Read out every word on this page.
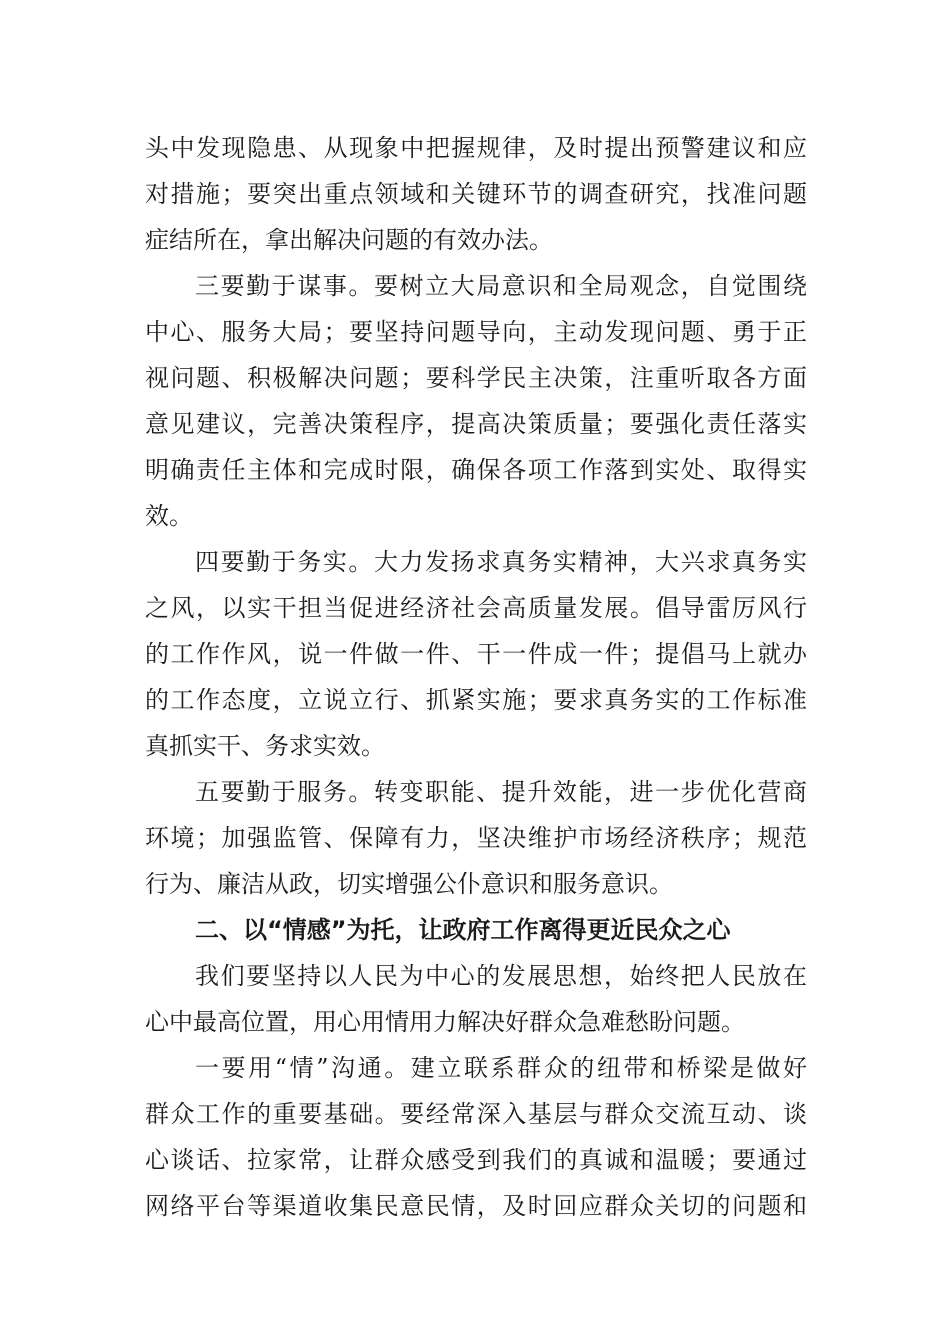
头中发现隐患、从现象中把握规律，及时提出预警建议和应
对措施；要突出重点领域和关键环节的调查研究，找准问题
症结所在，拿出解决问题的有效办法。
三要勤于谋事。要树立大局意识和全局观念，自觉围绕
中心、服务大局；要坚持问题导向，主动发现问题、勇于正
视问题、积极解决问题；要科学民主决策，注重听取各方面
意见建议，完善决策程序，提高决策质量；要强化责任落实
明确责任主体和完成时限，确保各项工作落到实处、取得实
效。
四要勤于务实。大力发扬求真务实精神，大兴求真务实
之风，以实干担当促进经济社会高质量发展。倡导雷厉风行
的工作作风，说一件做一件、干一件成一件；提倡马上就办
的工作态度，立说立行、抓紧实施；要求真务实的工作标准
真抓实干、务求实效。
五要勤于服务。转变职能、提升效能，进一步优化营商
环境；加强监管、保障有力，坚决维护市场经济秩序；规范
行为、廉洁从政，切实增强公仆意识和服务意识。
二、以“情感”为托，让政府工作离得更近民众之心
我们要坚持以人民为中心的发展思想，始终把人民放在
心中最高位置，用心用情用力解决好群众急难愁盼问题。
一要用“情”沟通。建立联系群众的纽带和桥梁是做好
群众工作的重要基础。要经常深入基层与群众交流互动、谈
心谈话、拉家常，让群众感受到我们的真诚和温暖；要通过
网络平台等渠道收集民意民情，及时回应群众关切的问题和
